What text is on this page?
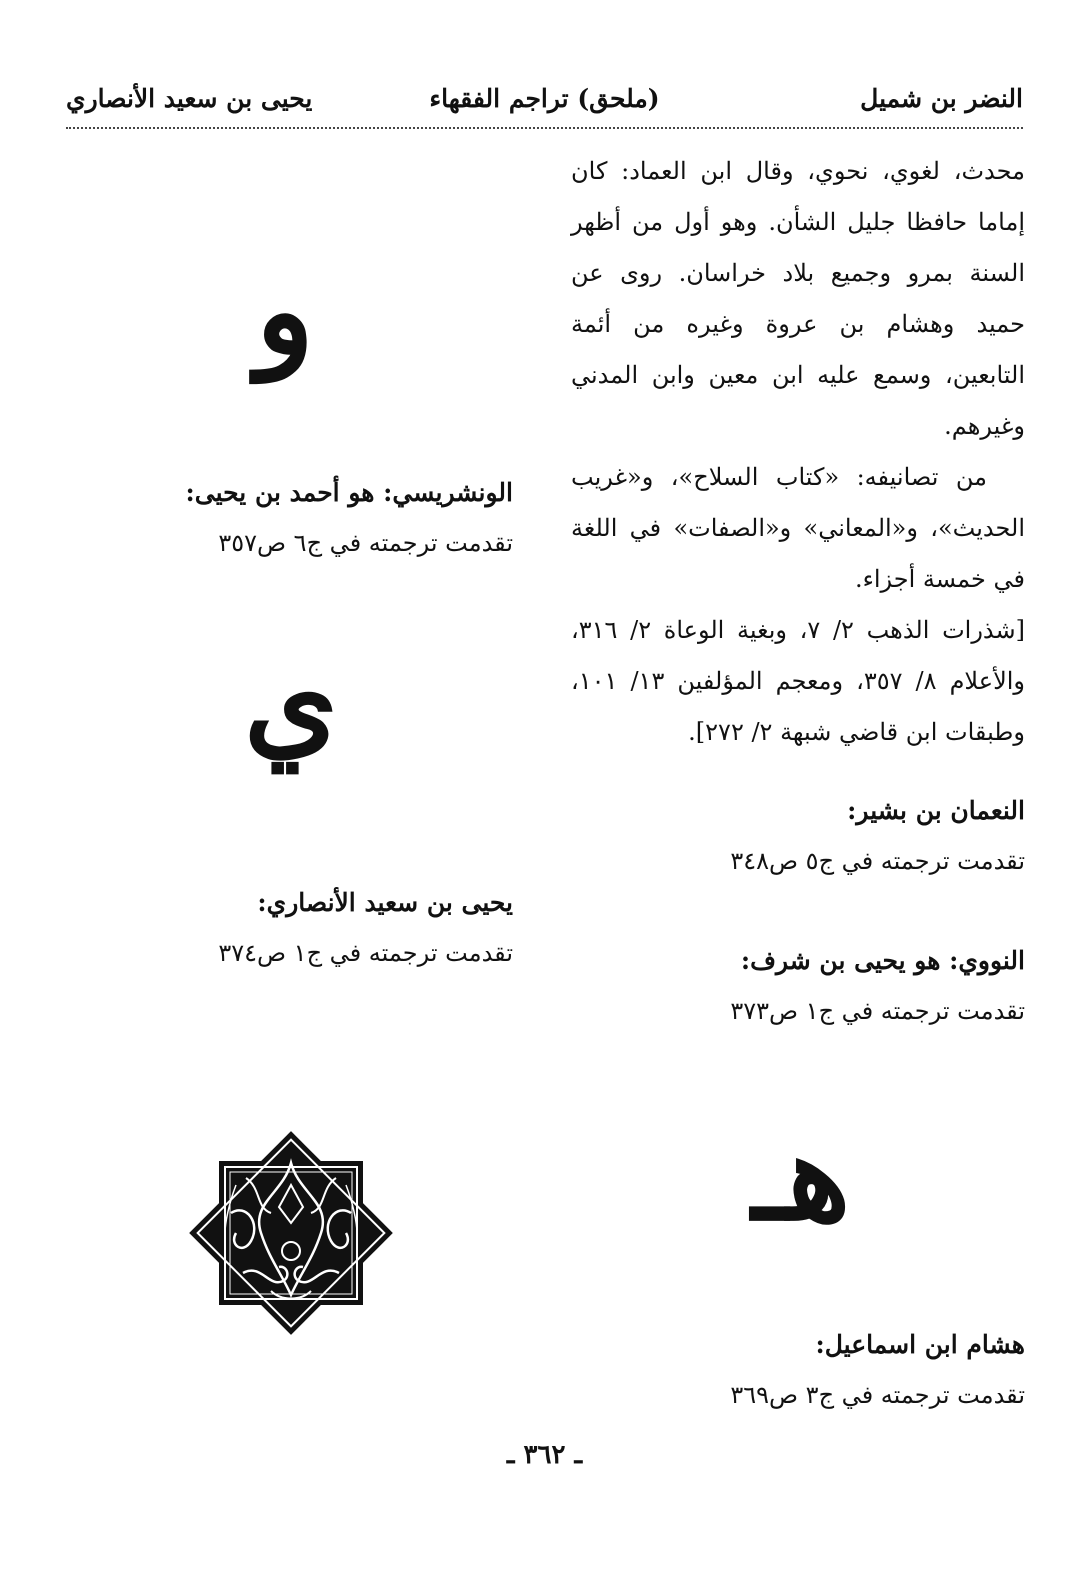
النضر بن شميل
(ملحق) تراجم الفقهاء
يحيى بن سعيد الأنصاري

محدث، لغوي، نحوي، وقال ابن العماد: كان إماما حافظا جليل الشأن. وهو أول من أظهر السنة بمرو وجميع بلاد خراسان. روى عن حميد وهشام بن عروة وغيره من أئمة التابعين، وسمع عليه ابن معين وابن المدني وغيرهم.

من تصانيفه: «كتاب السلاح»، و«غريب الحديث»، و«المعاني» و«الصفات» في اللغة في خمسة أجزاء.

[شذرات الذهب ٢/ ٧، وبغية الوعاة ٢/ ٣١٦، والأعلام ٨/ ٣٥٧، ومعجم المؤلفين ١٣/ ١٠١، وطبقات ابن قاضي شبهة ٢/ ٢٧٢].

النعمان بن بشير:

تقدمت ترجمته في ج٥ ص٣٤٨

النووي: هو يحيى بن شرف:

تقدمت ترجمته في ج١ ص٣٧٣

هـ

هشام ابن اسماعيل:

تقدمت ترجمته في ج٣ ص٣٦٩

و

الونشريسي: هو أحمد بن يحيى:

تقدمت ترجمته في ج٦ ص٣٥٧

ي

يحيى بن سعيد الأنصاري:

تقدمت ترجمته في ج١ ص٣٧٤

ـ ٣٦٢ ـ
